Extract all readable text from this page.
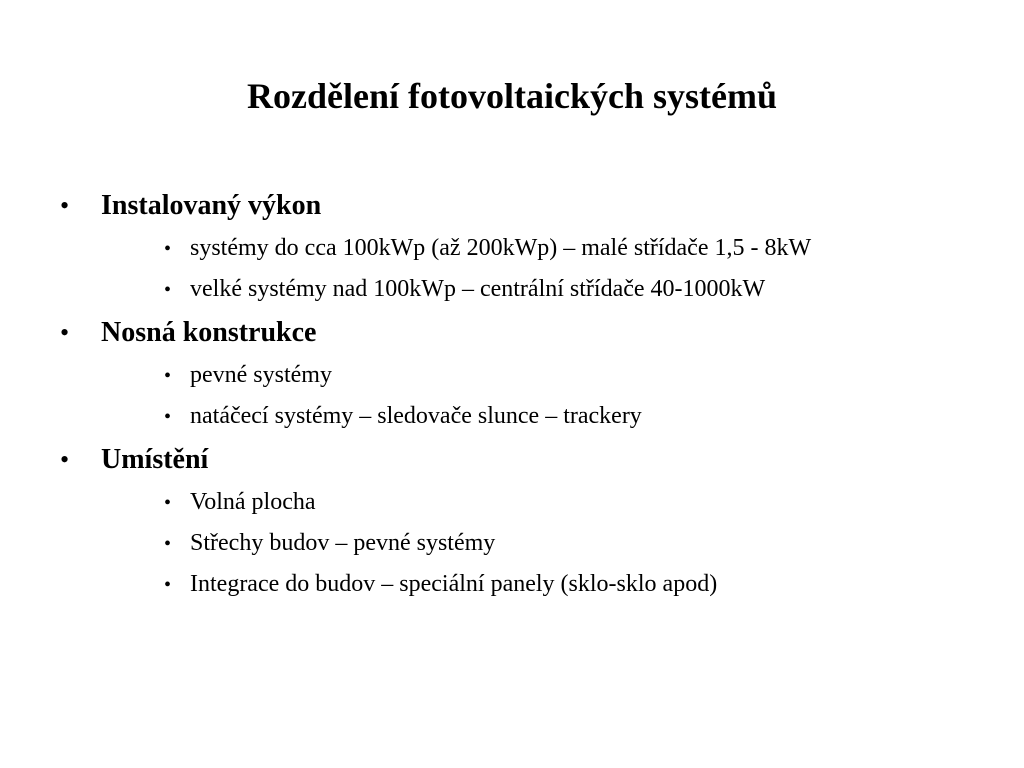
Rozdělení fotovoltaických systémů
•	Instalovaný výkon
• systémy do cca 100kWp (až 200kWp) – malé střídače 1,5 - 8kW
• velké systémy nad 100kWp – centrální střídače 40-1000kW
•	Nosná konstrukce
• pevné systémy
• natáčecí systémy – sledovače slunce – trackery
•	Umístění
• Volná plocha
• Střechy budov – pevné systémy
• Integrace do budov – speciální panely (sklo-sklo apod)
